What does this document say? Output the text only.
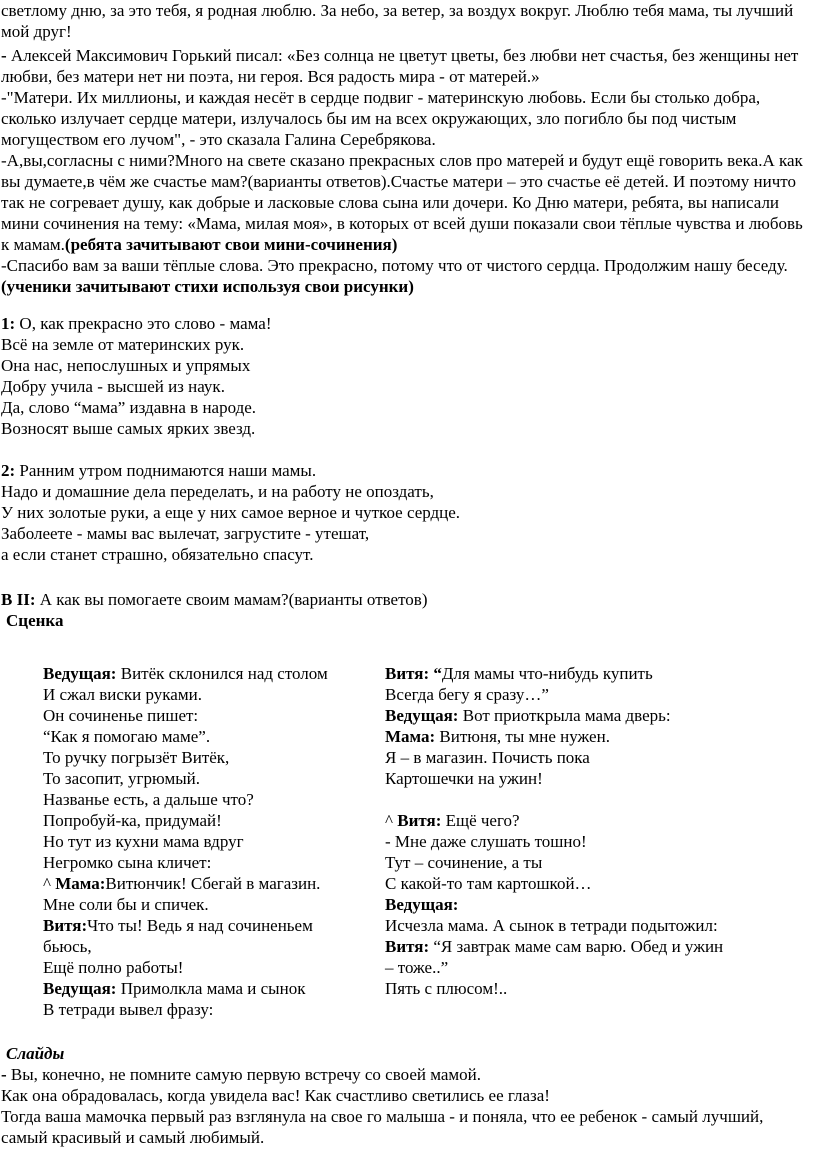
светлому дню, за это тебя, я родная люблю. За небо, за ветер, за воздух вокруг. Люблю тебя мама, ты лучший мой друг!

- Алексей Максимович Горький писал: «Без солнца не цветут цветы, без любви нет счастья, без женщины нет любви, без матери нет ни поэта, ни героя. Вся радость мира - от матерей.»

-"Матери. Их миллионы, и каждая несёт в сердце подвиг - материнскую любовь. Если бы столько добра, сколько излучает сердце матери, излучалось бы им на всех окружающих, зло погибло бы под чистым могуществом его лучом", - это сказала Галина Серебрякова.

-А,вы,согласны с ними?Много на свете сказано прекрасных слов про матерей и будут ещё говорить века.А как вы думаете,в чём же счастье мам?(варианты ответов).Счастье матери – это счастье её детей. И поэтому ничто так не согревает душу, как добрые и ласковые слова сына или дочери. Ко Дню матери, ребята, вы написали мини сочинения на тему: «Мама, милая моя», в которых от всей души показали свои тёплые чувства и любовь к мамам.(ребята зачитывают свои мини-сочинения)

-Спасибо вам за ваши тёплые слова. Это прекрасно, потому что от чистого сердца. Продолжим нашу беседу.(ученики зачитывают стихи используя свои рисунки)

1: О, как прекрасно это слово - мама!

Всё на земле от материнских рук.

Она нас, непослушных и упрямых

Добру учила - высшей из наук.

Да, слово “мама” издавна в народе.

Возносят выше самых ярких звезд.

2: Ранним утром поднимаются наши мамы.

Надо и домашние дела переделать, и на работу не опоздать,

У них золотые руки, а еще у них самое верное и чуткое сердце.

Заболеете - мамы вас вылечат, загрустите - утешат,

а если станет страшно, обязательно спасут.

В II: А как вы помогаете своим мамам?(варианты ответов)

Сценка

Ведущая: Витёк склонился над столом

И сжал виски руками.

Он сочиненье пишет:

“Как я помогаю маме”.

То ручку погрызёт Витёк,

То засопит, угрюмый.

Названье есть, а дальше что?

Попробуй-ка, придумай!

Но тут из кухни мама вдруг

Негромко сына кличет:

^ Мама:Витюнчик! Сбегай в магазин.

Мне соли бы и спичек.

Витя:Что ты! Ведь я над сочиненьем

бьюсь,

Ещё полно работы!

Ведущая: Примолкла мама и сынок

В тетради вывел фразу:

Витя: “Для мамы что-нибудь купить

Всегда бегу я сразу…”

Ведущая: Вот приоткрыла мама дверь:

Мама: Витюня, ты мне нужен.

Я – в магазин. Почисть пока

Картошечки на ужин!

^ Витя: Ещё чего?

- Мне даже слушать тошно!

Тут – сочинение, а ты

С какой-то там картошкой…

Ведущая:

Исчезла мама. А сынок в тетради подытожил:

Витя: “Я завтрак маме сам варю. Обед и ужин

– тоже..”

Пять с плюсом!..

Слайды

- Вы, конечно, не помните самую первую встречу со своей мамой.

Как она обрадовалась, когда увидела вас! Как счастливо светились ее глаза!

Тогда ваша мамочка первый раз взглянула на свое го малыша - и поняла, что ее ребенок - самый лучший, самый красивый и самый любимый.
